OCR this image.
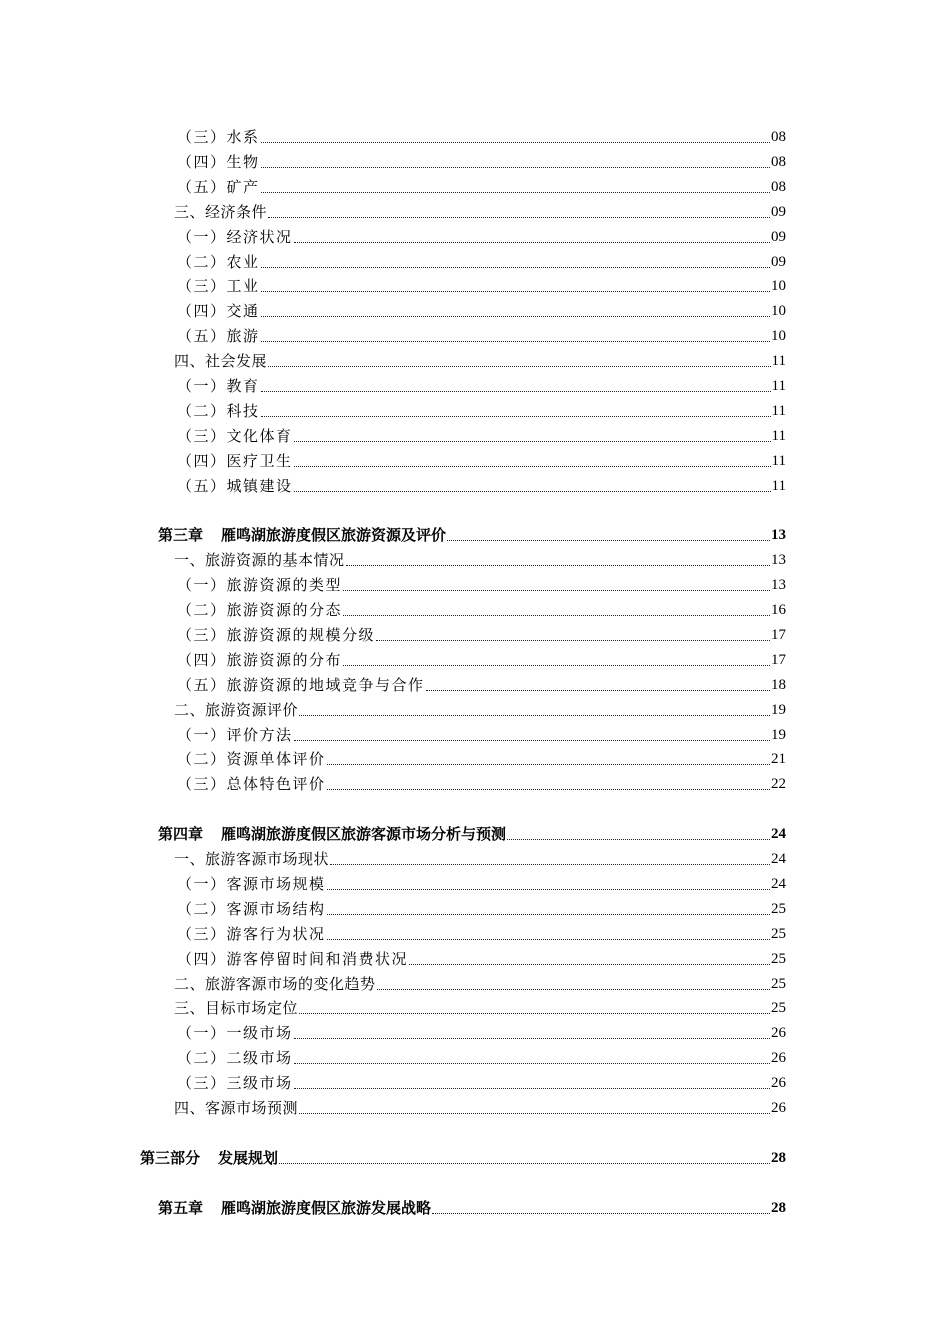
（三）水系	08
（四）生物	08
（五）矿产	08
三、经济条件	09
（一）经济状况	09
（二）农业	09
（三）工业	10
（四）交通	10
（五）旅游	10
四、社会发展	11
（一）教育	11
（二）科技	11
（三）文化体育	11
（四）医疗卫生	11
（五）城镇建设	11
第三章 雁鸣湖旅游度假区旅游资源及评价	13
一、旅游资源的基本情况	13
（一）旅游资源的类型	13
（二）旅游资源的分态	16
（三）旅游资源的规模分级	17
（四）旅游资源的分布	17
（五）旅游资源的地域竞争与合作	18
二、旅游资源评价	19
（一）评价方法	19
（二）资源单体评价	21
（三）总体特色评价	22
第四章 雁鸣湖旅游度假区旅游客源市场分析与预测	24
一、旅游客源市场现状	24
（一）客源市场规模	24
（二）客源市场结构	25
（三）游客行为状况	25
（四）游客停留时间和消费状况	25
二、旅游客源市场的变化趋势	25
三、目标市场定位	25
（一）一级市场	26
（二）二级市场	26
（三）三级市场	26
四、客源市场预测	26
第三部分 发展规划	28
第五章 雁鸣湖旅游度假区旅游发展战略	28
